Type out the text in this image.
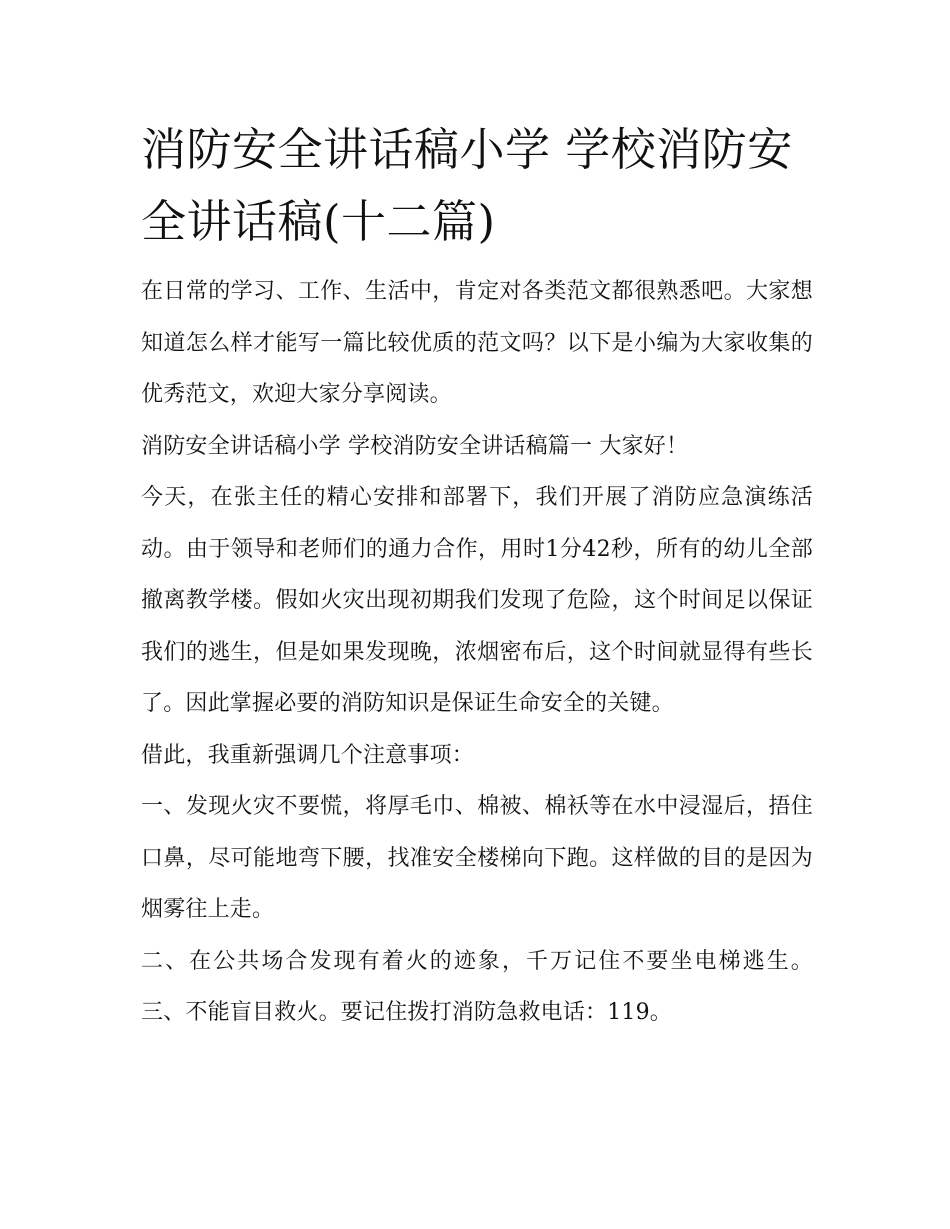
消防安全讲话稿小学 学校消防安全讲话稿(十二篇)

在日常的学习、工作、生活中，肯定对各类范文都很熟悉吧。大家想知道怎么样才能写一篇比较优质的范文吗？以下是小编为大家收集的优秀范文，欢迎大家分享阅读。

消防安全讲话稿小学 学校消防安全讲话稿篇一 大家好！

今天，在张主任的精心安排和部署下，我们开展了消防应急演练活动。由于领导和老师们的通力合作，用时1分42秒，所有的幼儿全部撤离教学楼。假如火灾出现初期我们发现了危险，这个时间足以保证我们的逃生，但是如果发现晚，浓烟密布后，这个时间就显得有些长了。因此掌握必要的消防知识是保证生命安全的关键。

借此，我重新强调几个注意事项：

一、发现火灾不要慌，将厚毛巾、棉被、棉袄等在水中浸湿后，捂住口鼻，尽可能地弯下腰，找准安全楼梯向下跑。这样做的目的是因为烟雾往上走。

二、在公共场合发现有着火的迹象，千万记住不要坐电梯逃生。 三、不能盲目救火。要记住拨打消防急救电话：119。
